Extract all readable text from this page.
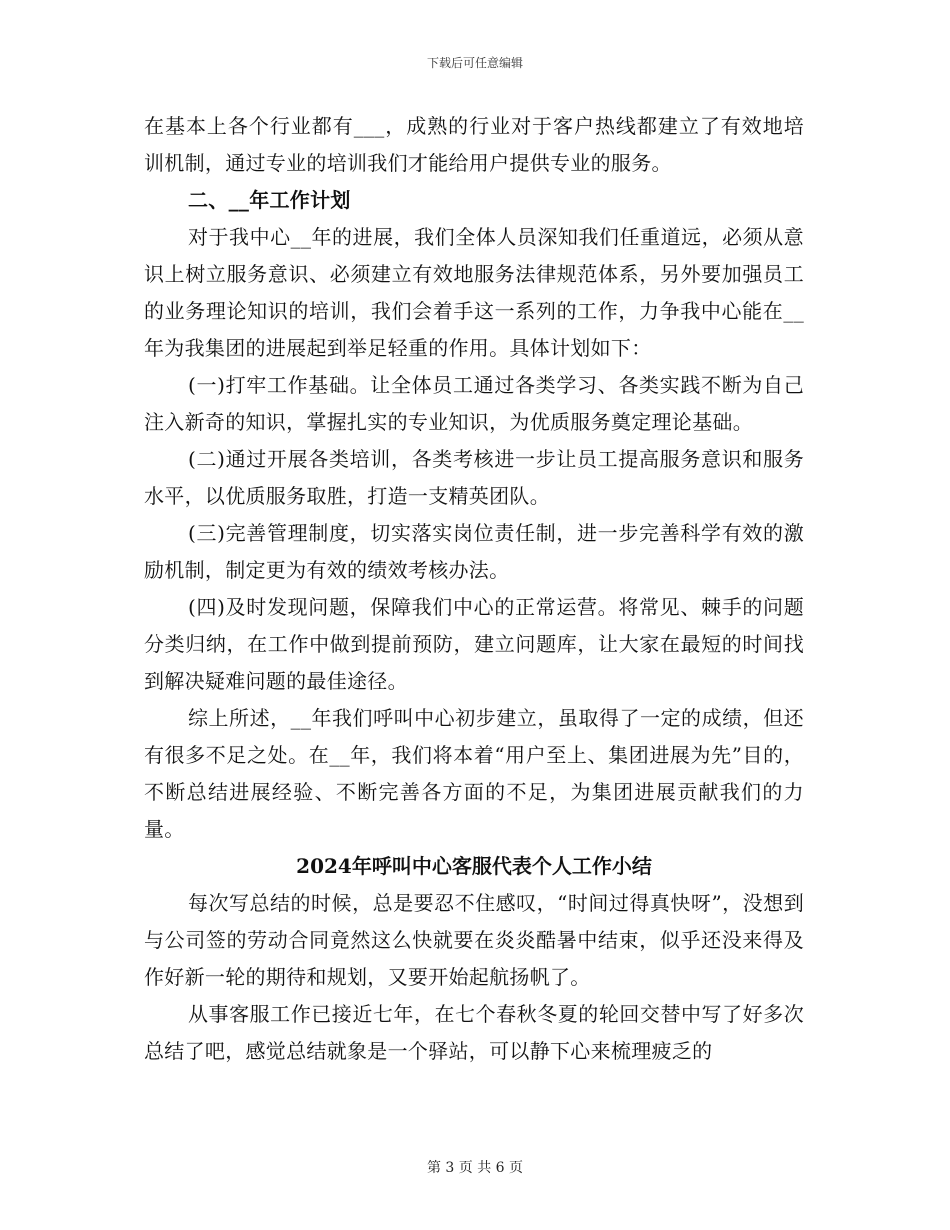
下载后可任意编辑

在基本上各个行业都有___，成熟的行业对于客户热线都建立了有效地培训机制，通过专业的培训我们才能给用户提供专业的服务。

二、__年工作计划

对于我中心__年的进展，我们全体人员深知我们任重道远，必须从意识上树立服务意识、必须建立有效地服务法律规范体系，另外要加强员工的业务理论知识的培训，我们会着手这一系列的工作，力争我中心能在__年为我集团的进展起到举足轻重的作用。具体计划如下：

(一)打牢工作基础。让全体员工通过各类学习、各类实践不断为自己注入新奇的知识，掌握扎实的专业知识，为优质服务奠定理论基础。

(二)通过开展各类培训，各类考核进一步让员工提高服务意识和服务水平，以优质服务取胜，打造一支精英团队。

(三)完善管理制度，切实落实岗位责任制，进一步完善科学有效的激励机制，制定更为有效的绩效考核办法。

(四)及时发现问题，保障我们中心的正常运营。将常见、棘手的问题分类归纳，在工作中做到提前预防，建立问题库，让大家在最短的时间找到解决疑难问题的最佳途径。

综上所述，__年我们呼叫中心初步建立，虽取得了一定的成绩，但还有很多不足之处。在__年，我们将本着“用户至上、集团进展为先”目的，不断总结进展经验、不断完善各方面的不足，为集团进展贡献我们的力量。

2024年呼叫中心客服代表个人工作小结

每次写总结的时候，总是要忍不住感叹，“时间过得真快呀”，没想到与公司签的劳动合同竟然这么快就要在炎炎酷暑中结束，似乎还没来得及作好新一轮的期待和规划，又要开始起航扬帆了。

从事客服工作已接近七年，在七个春秋冬夏的轮回交替中写了好多次总结了吧，感觉总结就象是一个驿站，可以静下心来梳理疲乏的

第 3 页 共 6 页
